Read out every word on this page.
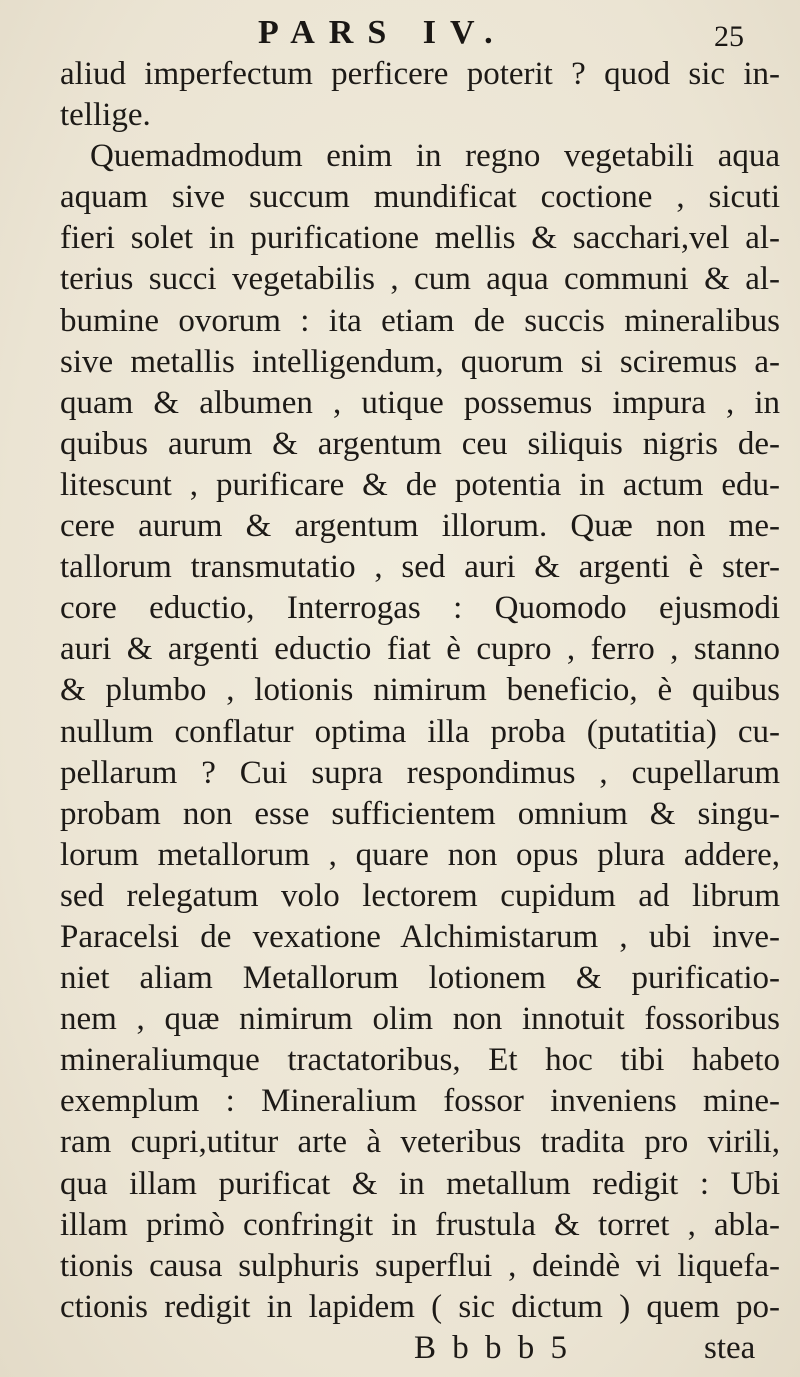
PARS IV.	25
aliud imperfectum perficere poterit ? quod sic in-
tellige.
Quemadmodum enim in regno vegetabili aqua
aquam sive succum mundificat coctione , sicuti
fieri solet in purificatione mellis & sacchari,vel al-
terius succi vegetabilis , cum aqua communi & al-
bumine ovorum : ita etiam de succis mineralibus
sive metallis intelligendum, quorum si sciremus a-
quam & albumen , utique possemus impura , in
quibus aurum & argentum ceu siliquis nigris de-
litescunt , purificare & de potentia in actum edu-
cere aurum & argentum illorum. Quæ non me-
tallorum transmutatio , sed auri & argenti è ster-
core eductio, Interrogas : Quomodo ejusmodi
auri & argenti eductio fiat è cupro , ferro , stanno
& plumbo , lotionis nimirum beneficio, è quibus
nullum conflatur optima illa proba (putatitia) cu-
pellarum ? Cui supra respondimus , cupellarum
probam non esse sufficientem omnium & singu-
lorum metallorum , quare non opus plura addere,
sed relegatum volo lectorem cupidum ad librum
Paracelsi de vexatione Alchimistarum , ubi inve-
niet aliam Metallorum lotionem & purificatio-
nem , quæ nimirum olim non innotuit fossoribus
mineraliumque tractatoribus, Et hoc tibi habeto
exemplum : Mineralium fossor inveniens mine-
ram cupri,utitur arte à veteribus tradita pro virili,
qua illam purificat & in metallum redigit : Ubi
illam primò confringit in frustula & torret , abla-
tionis causa sulphuris superflui , deindè vi liquefa-
ctionis redigit in lapidem ( sic dictum ) quem po-
B b b b 5	stea
